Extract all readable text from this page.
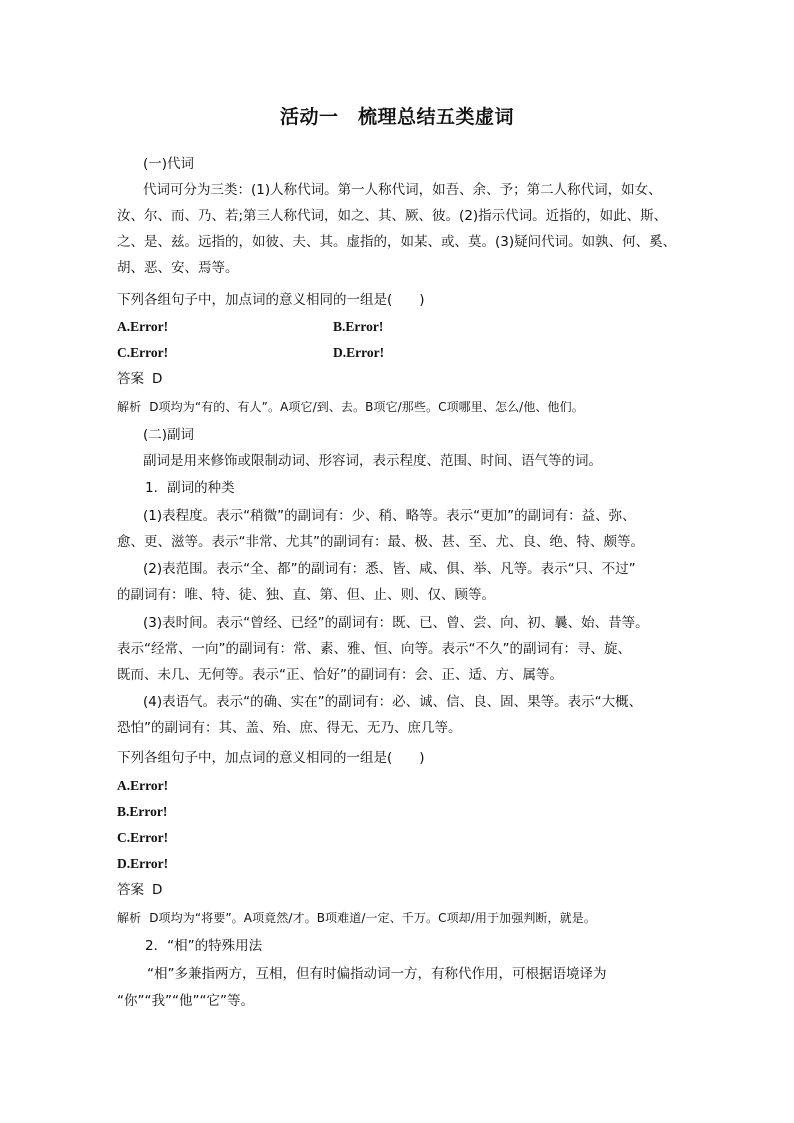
活动一　梳理总结五类虚词
(一)代词
代词可分为三类：(1)人称代词。第一人称代词，如吾、余、予；第二人称代词，如女、
汝、尔、而、乃、若;第三人称代词，如之、其、厥、彼。(2)指示代词。近指的，如此、斯、
之、是、兹。远指的，如彼、夫、其。虚指的，如某、或、莫。(3)疑问代词。如孰、何、奚、
胡、恶、安、焉等。
下列各组句子中，加点词的意义相同的一组是(　　)
A.Error!	B.Error!
C.Error!	D.Error!
答案 D
解析 D项均为“有的、有人”。A项它/到、去。B项它/那些。C项哪里、怎么/他、他们。
(二)副词
副词是用来修饰或限制动词、形容词，表示程度、范围、时间、语气等的词。
1．副词的种类
(1)表程度。表示“稍微”的副词有：少、稍、略等。表示“更加”的副词有：益、弥、
愈、更、滋等。表示“非常、尤其”的副词有：最、极、甚、至、尤、良、绝、特、颇等。
(2)表范围。表示“全、都”的副词有：悉、皆、咸、俱、举、凡等。表示“只、不过”
的副词有：唯、特、徒、独、直、第、但、止、则、仅、顾等。
(3)表时间。表示“曾经、已经”的副词有：既、已、曾、尝、向、初、曩、始、昔等。
表示“经常、一向”的副词有：常、素、雅、恒、向等。表示“不久”的副词有：寻、旋、
既而、未几、无何等。表示“正、恰好”的副词有：会、正、适、方、属等。
(4)表语气。表示“的确、实在”的副词有：必、诚、信、良、固、果等。表示“大概、
恐怕”的副词有：其、盖、殆、庶、得无、无乃、庶几等。
下列各组句子中，加点词的意义相同的一组是(　　)
A.Error!
B.Error!
C.Error!
D.Error!
答案 D
解析 D项均为“将要”。A项竟然/才。B项难道/一定、千万。C项却/用于加强判断，就是。
2．“相”的特殊用法
“相”多兼指两方，互相，但有时偏指动词一方，有称代作用，可根据语境译为
“你”“我”“他”“它”等。
